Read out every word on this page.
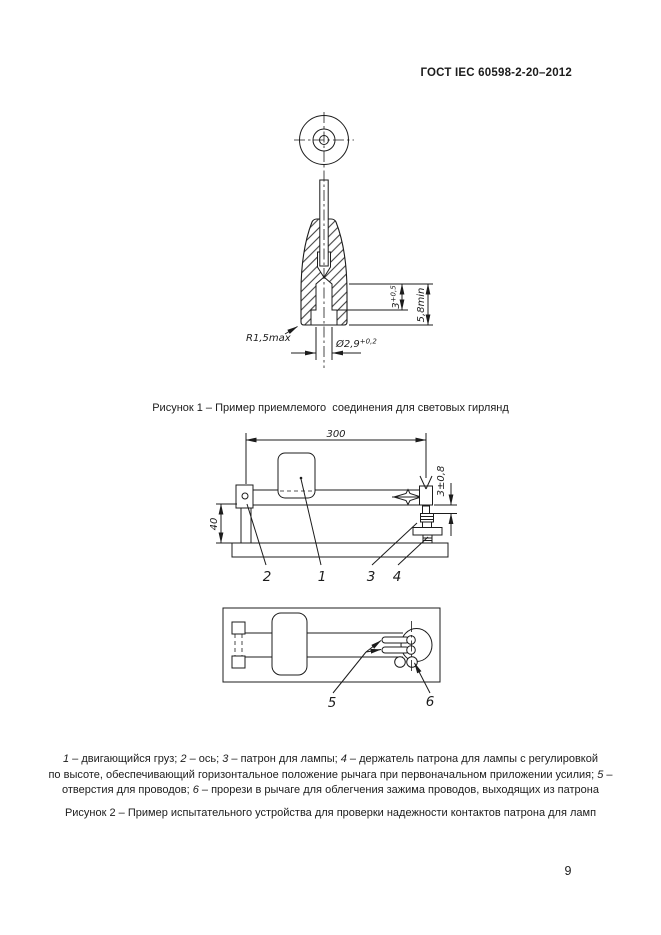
ГОСТ IEC 60598-2-20–2012
$3^{+0,5}$	5,8min
$Ø2,9^{+0,2}$
R1,5max
Рисунок 1 – Пример приемлемого  соединения для световых гирлянд
300
40
3±0,8
2	1	3 4
5	6
1 – двигающийся груз; 2 – ось; 3 – патрон для лампы; 4 – держатель патрона для лампы с регулировкой
по высоте, обеспечивающий горизонтальное положение рычага при первоначальном приложении усилия; 5 –
отверстия для проводов; 6 – прорези в рычаге для облегчения зажима проводов, выходящих из патрона
Рисунок 2 – Пример испытательного устройства для проверки надежности контактов патрона для ламп
9
